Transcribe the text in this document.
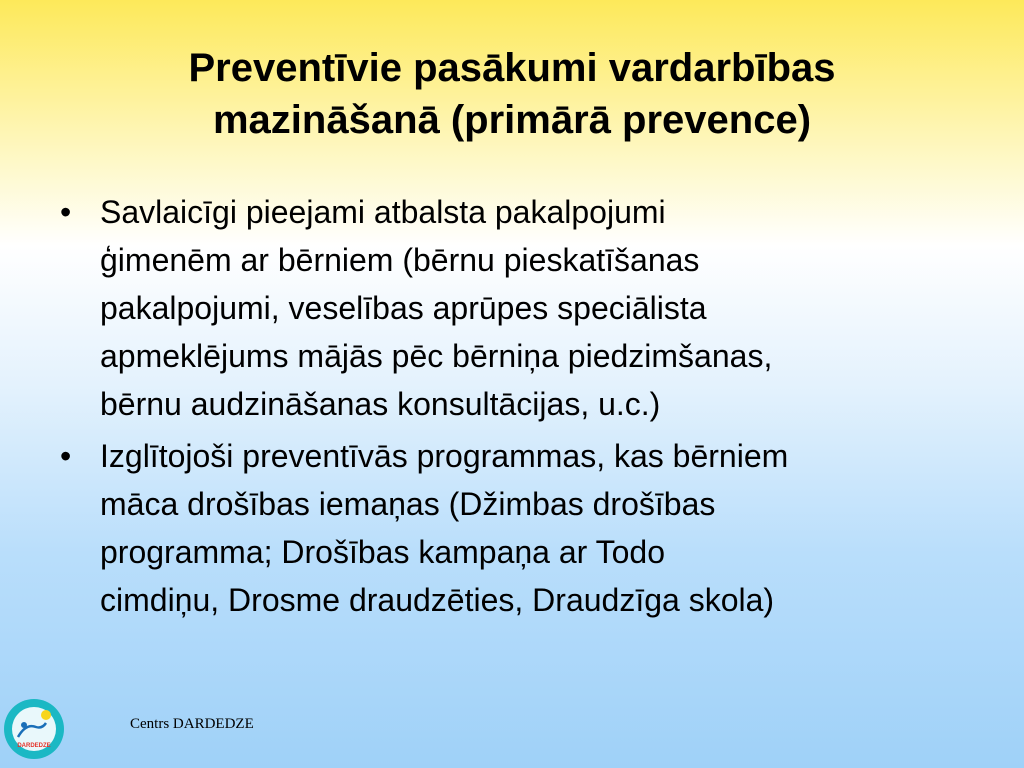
Preventīvie pasākumi vardarbības
mazināšanā (primārā prevence)
• Savlaicīgi pieejami atbalsta pakalpojumi
ģimenēm ar bērniem (bērnu pieskatīšanas
pakalpojumi, veselības aprūpes speciālista
apmeklējums mājās pēc bērniņa piedzimšanas,
bērnu audzināšanas konsultācijas, u.c.)
• Izglītojoši preventīvās programmas, kas bērniem
māca drošības iemaņas (Džimbas drošības
programma; Drošības kampaņa ar Todo
cimdiņu, Drosme draudzēties, Draudzīga skola)
DARDEDZE
Centrs DARDEDZE
